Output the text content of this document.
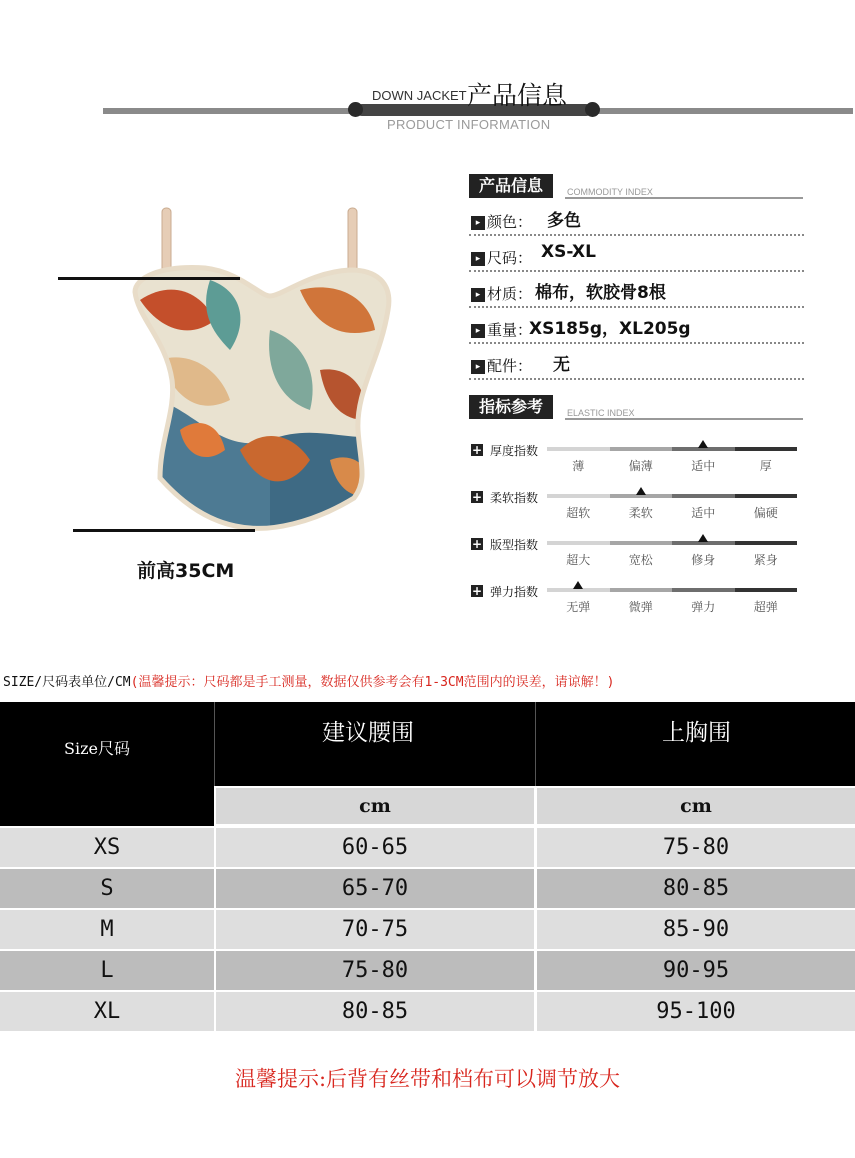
DOWN JACKET 产品信息
PRODUCT INFORMATION
前高35CM
产品信息	COMMODITY INDEX
▸ 颜色： 多色
▸ 尺码： XS-XL
▸ 材质： 棉布，软胶骨8根
▸ 重量：
XS185g，XL205g
▸ 配件： 无
指标参考	ELASTIC INDEX
+ 厚度指数
薄	偏薄	适中	厚
+ 柔软指数
超软	柔软	适中	偏硬
+ 版型指数
超大	宽松	修身	紧身
+ 弹力指数
无弹	微弹	弹力	超弹
SIZE/尺码表单位/CM(温馨提示：尺码都是手工测量，数据仅供参考会有1-3CM范围内的误差，请谅解！)
Size尺码
建议腰围	上胸围
cm	cm
XS	60-65	75-80
S	65-70	80-85
M	70-75	85-90
L	75-80	90-95
XL	80-85	95-100
温馨提示:后背有丝带和档布可以调节放大
